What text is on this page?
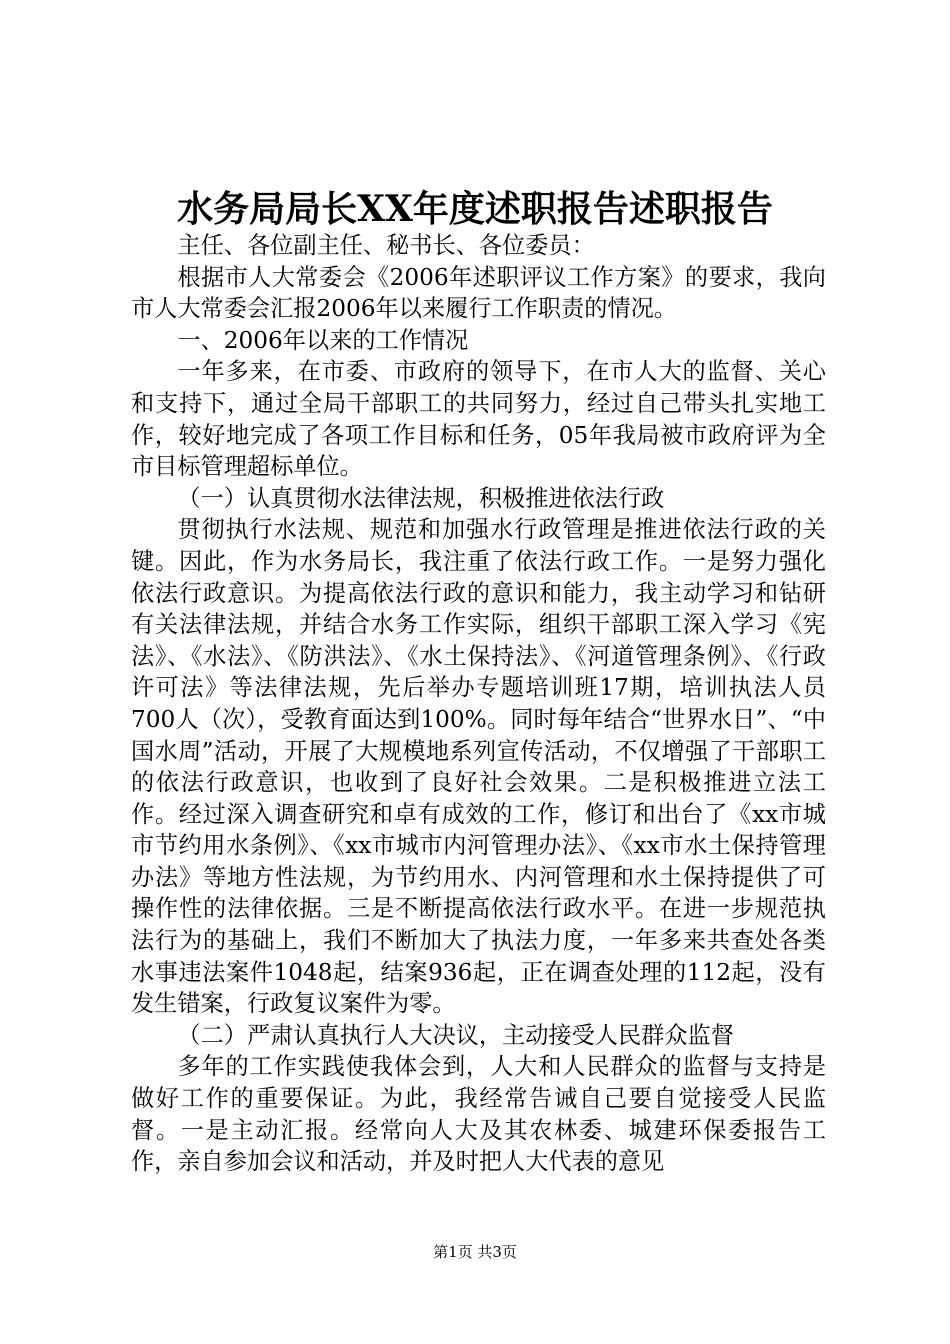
水务局局长XX年度述职报告述职报告

主任、各位副主任、秘书长、各位委员：

根据市人大常委会《2006年述职评议工作方案》的要求，我向市人大常委会汇报2006年以来履行工作职责的情况。

一、2006年以来的工作情况

一年多来，在市委、市政府的领导下，在市人大的监督、关心和支持下，通过全局干部职工的共同努力，经过自己带头扎实地工作，较好地完成了各项工作目标和任务，05年我局被市政府评为全市目标管理超标单位。

（一）认真贯彻水法律法规，积极推进依法行政

贯彻执行水法规、规范和加强水行政管理是推进依法行政的关键。因此，作为水务局长，我注重了依法行政工作。一是努力强化依法行政意识。为提高依法行政的意识和能力，我主动学习和钻研有关法律法规，并结合水务工作实际，组织干部职工深入学习《宪法》、《水法》、《防洪法》、《水土保持法》、《河道管理条例》、《行政许可法》等法律法规，先后举办专题培训班17期，培训执法人员700人（次），受教育面达到100%。同时每年结合“世界水日”、“中国水周”活动，开展了大规模地系列宣传活动，不仅增强了干部职工的依法行政意识，也收到了良好社会效果。二是积极推进立法工作。经过深入调查研究和卓有成效的工作，修订和出台了《xx市城市节约用水条例》、《xx市城市内河管理办法》、《xx市水土保持管理办法》等地方性法规，为节约用水、内河管理和水土保持提供了可操作性的法律依据。三是不断提高依法行政水平。在进一步规范执法行为的基础上，我们不断加大了执法力度，一年多来共查处各类水事违法案件1048起，结案936起，正在调查处理的112起，没有发生错案，行政复议案件为零。

（二）严肃认真执行人大决议，主动接受人民群众监督

多年的工作实践使我体会到，人大和人民群众的监督与支持是做好工作的重要保证。为此，我经常告诫自己要自觉接受人民监督。一是主动汇报。经常向人大及其农林委、城建环保委报告工作，亲自参加会议和活动，并及时把人大代表的意见

第1页 共3页
